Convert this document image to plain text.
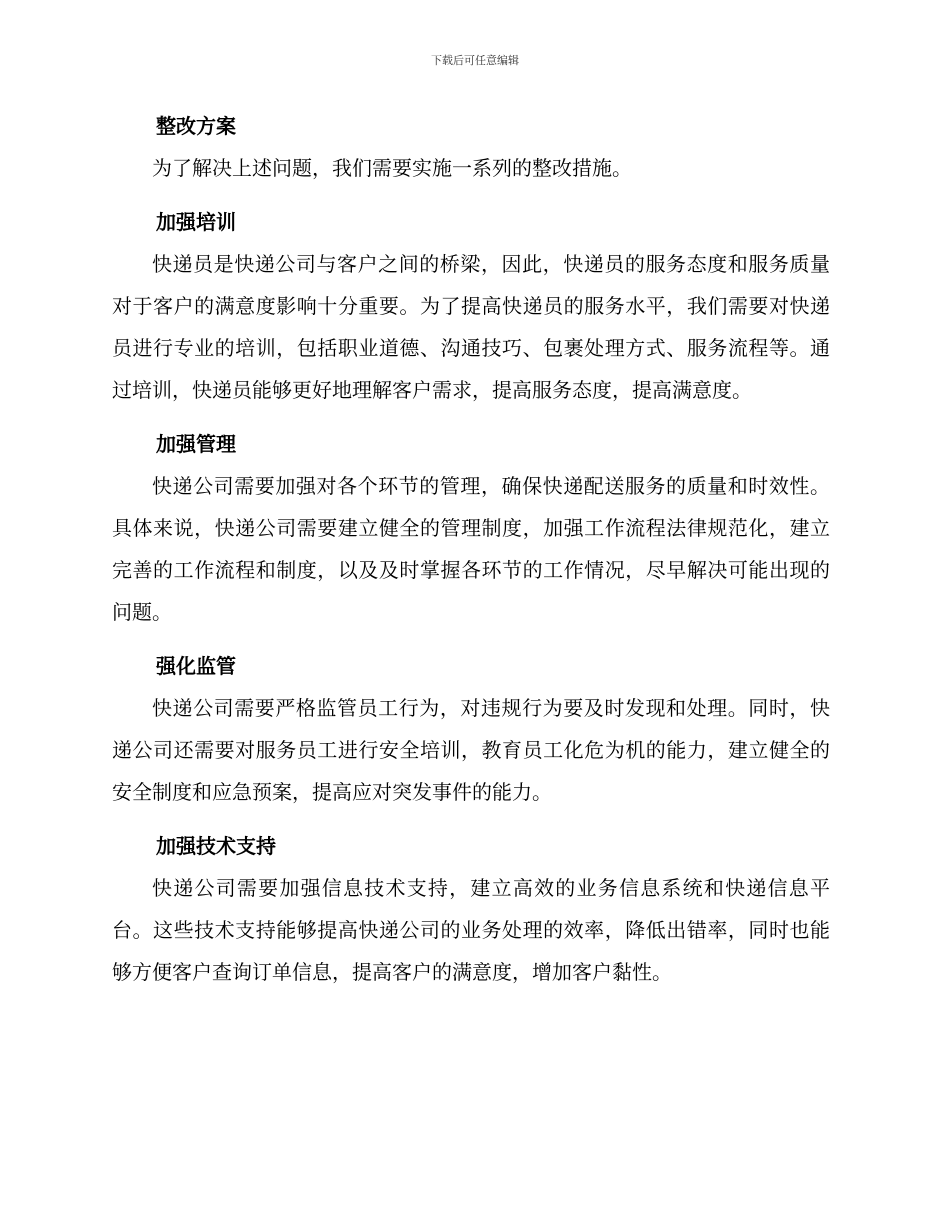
下载后可任意编辑
整改方案

为了解决上述问题，我们需要实施一系列的整改措施。

加强培训

快递员是快递公司与客户之间的桥梁，因此，快递员的服务态度和服务质量对于客户的满意度影响十分重要。为了提高快递员的服务水平，我们需要对快递员进行专业的培训，包括职业道德、沟通技巧、包裹处理方式、服务流程等。通过培训，快递员能够更好地理解客户需求，提高服务态度，提高满意度。

加强管理

快递公司需要加强对各个环节的管理，确保快递配送服务的质量和时效性。具体来说，快递公司需要建立健全的管理制度，加强工作流程法律规范化，建立完善的工作流程和制度，以及及时掌握各环节的工作情况，尽早解决可能出现的问题。

强化监管

快递公司需要严格监管员工行为，对违规行为要及时发现和处理。同时，快递公司还需要对服务员工进行安全培训，教育员工化危为机的能力，建立健全的安全制度和应急预案，提高应对突发事件的能力。

加强技术支持

快递公司需要加强信息技术支持，建立高效的业务信息系统和快递信息平台。这些技术支持能够提高快递公司的业务处理的效率，降低出错率，同时也能够方便客户查询订单信息，提高客户的满意度，增加客户黏性。
